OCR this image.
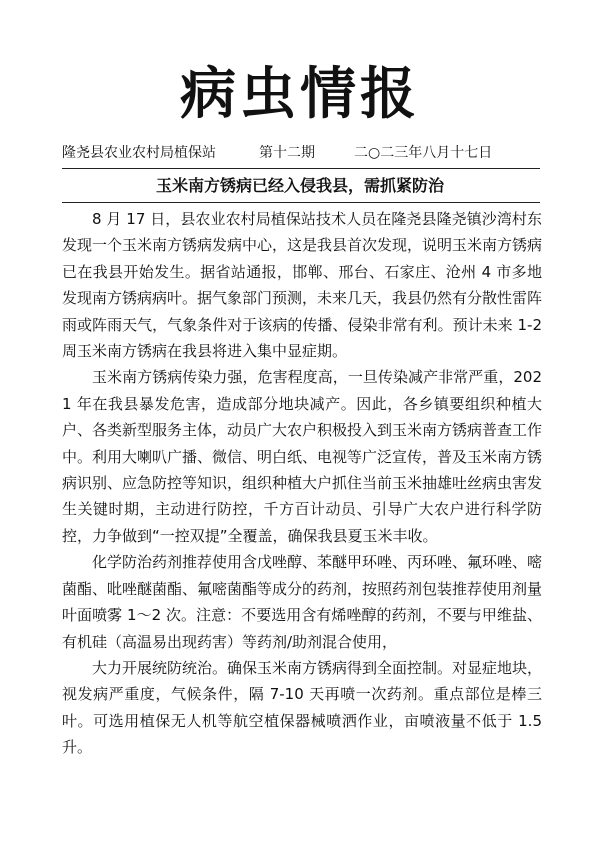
病虫情报
隆尧县农业农村局植保站	第十二期	二○二三年八月十七日
玉米南方锈病已经入侵我县，需抓紧防治

8 月 17 日，县农业农村局植保站技术人员在隆尧县隆尧镇沙湾村东发现一个玉米南方锈病发病中心，这是我县首次发现，说明玉米南方锈病已在我县开始发生。据省站通报，邯郸、邢台、石家庄、沧州 4 市多地发现南方锈病病叶。据气象部门预测，未来几天，我县仍然有分散性雷阵雨或阵雨天气，气象条件对于该病的传播、侵染非常有利。预计未来 1-2 周玉米南方锈病在我县将进入集中显症期。

玉米南方锈病传染力强，危害程度高，一旦传染减产非常严重，2021 年在我县暴发危害，造成部分地块减产。因此，各乡镇要组织种植大户、各类新型服务主体，动员广大农户积极投入到玉米南方锈病普查工作中。利用大喇叭广播、微信、明白纸、电视等广泛宣传，普及玉米南方锈病识别、应急防控等知识，组织种植大户抓住当前玉米抽雄吐丝病虫害发生关键时期，主动进行防控，千方百计动员、引导广大农户进行科学防控，力争做到“一控双提”全覆盖，确保我县夏玉米丰收。

化学防治药剂推荐使用含戊唑醇、苯醚甲环唑、丙环唑、氟环唑、嘧菌酯、吡唑醚菌酯、氟嘧菌酯等成分的药剂，按照药剂包装推荐使用剂量叶面喷雾 1～2 次。注意：不要选用含有烯唑醇的药剂，不要与甲维盐、有机硅（高温易出现药害）等药剂/助剂混合使用，

大力开展统防统治。确保玉米南方锈病得到全面控制。对显症地块，视发病严重度，气候条件，隔 7-10 天再喷一次药剂。重点部位是棒三叶。可选用植保无人机等航空植保器械喷洒作业，亩喷液量不低于 1.5 升。
